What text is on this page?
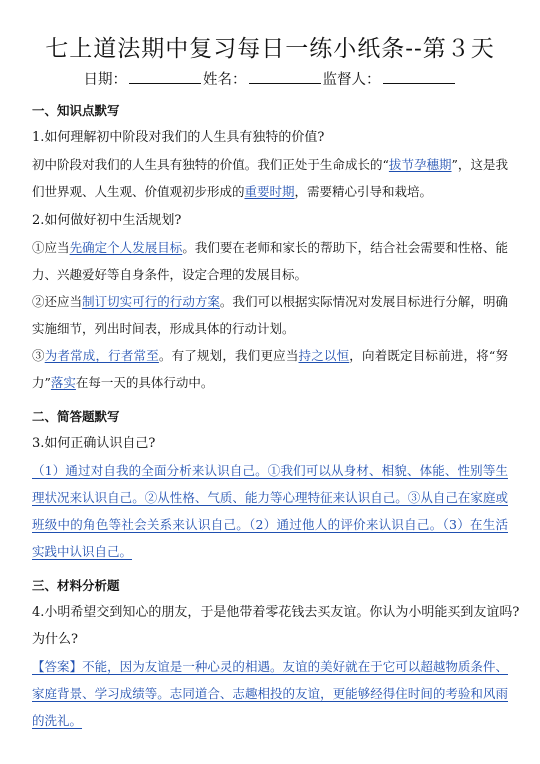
七上道法期中复习每日一练小纸条--第３天
日期：	姓名：	监督人：
一、知识点默写
1.如何理解初中阶段对我们的人生具有独特的价值?

初中阶段对我们的人生具有独特的价值。我们正处于生命成长的“拔节孕穗期”，这是我们世界观、人生观、价值观初步形成的重要时期，需要精心引导和栽培。

2.如何做好初中生活规划?

①应当先确定个人发展目标。我们要在老师和家长的帮助下，结合社会需要和性格、能力、兴趣爱好等自身条件，设定合理的发展目标。

②还应当制订切实可行的行动方案。我们可以根据实际情况对发展目标进行分解，明确实施细节，列出时间表，形成具体的行动计划。

③为者常成，行者常至。有了规划，我们更应当持之以恒，向着既定目标前进，将“努力”落实在每一天的具体行动中。

二、简答题默写
3.如何正确认识自己?

（1）通过对自我的全面分析来认识自己。①我们可以从身材、相貌、体能、性别等生理状况来认识自己。②从性格、气质、能力等心理特征来认识自己。③从自己在家庭或班级中的角色等社会关系来认识自己。（2）通过他人的评价来认识自己。（3）在生活实践中认识自己。

三、材料分析题
4.小明希望交到知心的朋友，于是他带着零花钱去买友谊。你认为小明能买到友谊吗?
为什么?

【答案】不能，因为友谊是一种心灵的相遇。友谊的美好就在于它可以超越物质条件、家庭背景、学习成绩等。志同道合、志趣相投的友谊，更能够经得住时间的考验和风雨的洗礼。
